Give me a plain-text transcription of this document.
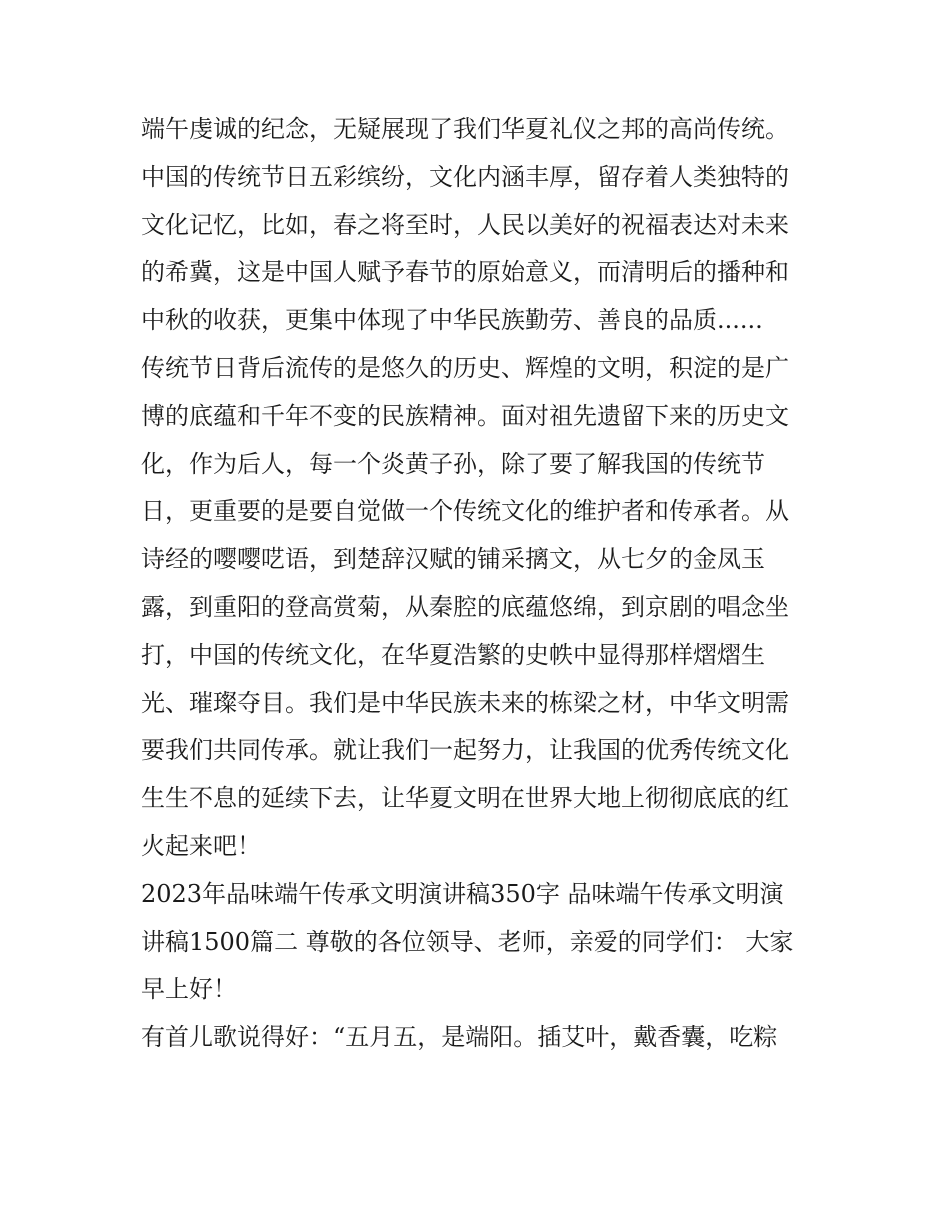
端午虔诚的纪念，无疑展现了我们华夏礼仪之邦的高尚传统。
中国的传统节日五彩缤纷，文化内涵丰厚，留存着人类独特的
文化记忆，比如，春之将至时，人民以美好的祝福表达对未来
的希冀，这是中国人赋予春节的原始意义，而清明后的播种和
中秋的收获，更集中体现了中华民族勤劳、善良的品质......
传统节日背后流传的是悠久的历史、辉煌的文明，积淀的是广
博的底蕴和千年不变的民族精神。面对祖先遗留下来的历史文
化，作为后人，每一个炎黄子孙，除了要了解我国的传统节
日，更重要的是要自觉做一个传统文化的维护者和传承者。从
诗经的嘤嘤呓语，到楚辞汉赋的铺采摛文，从七夕的金凤玉
露，到重阳的登高赏菊，从秦腔的底蕴悠绵，到京剧的唱念坐
打，中国的传统文化，在华夏浩繁的史帙中显得那样熠熠生
光、璀璨夺目。我们是中华民族未来的栋梁之材，中华文明需
要我们共同传承。就让我们一起努力，让我国的优秀传统文化
生生不息的延续下去，让华夏文明在世界大地上彻彻底底的红
火起来吧！
2023年品味端午传承文明演讲稿350字 品味端午传承文明演
讲稿1500篇二 尊敬的各位领导、老师，亲爱的同学们： 大家
早上好！
有首儿歌说得好：“五月五，是端阳。插艾叶，戴香囊，吃粽
